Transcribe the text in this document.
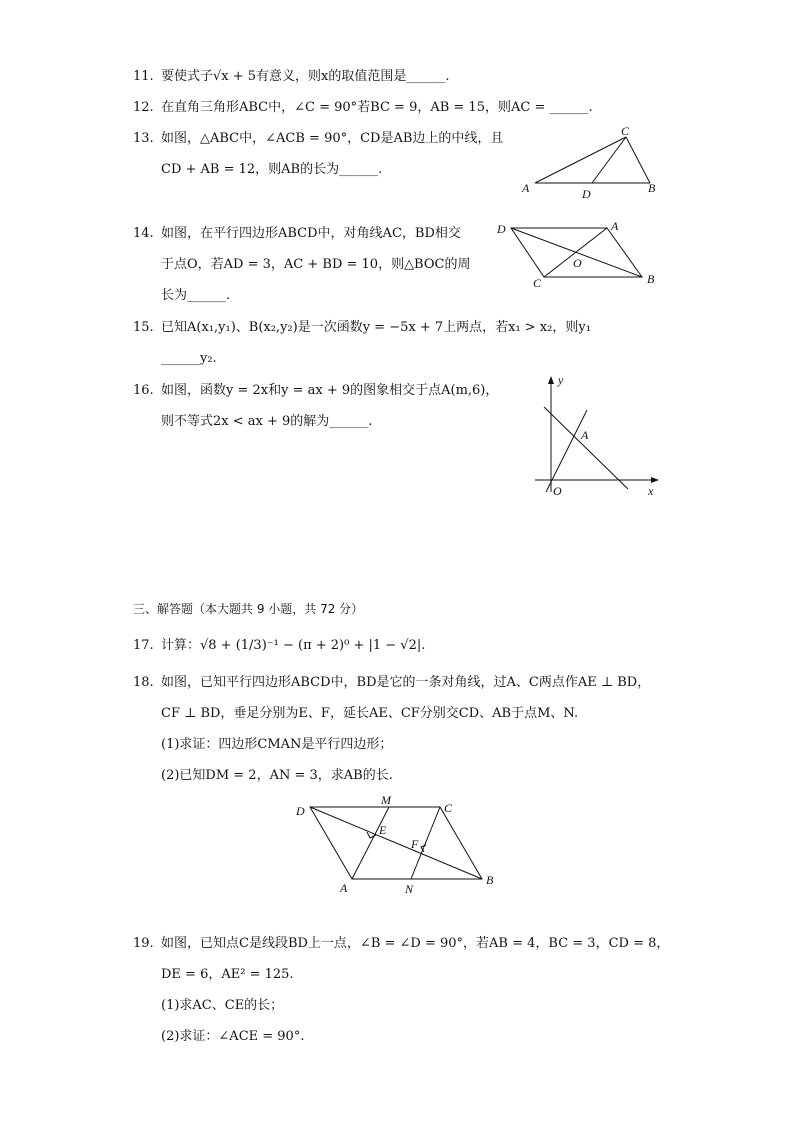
11. 要使式子√x + 5有意义，则x的取值范围是______.
12. 在直角三角形ABC中，∠C = 90°若BC = 9，AB = 15，则AC = ______.
13. 如图，△ABC中，∠ACB = 90°，CD是AB边上的中线，且
CD + AB = 12，则AB的长为______.
A	B
C
D
14. 如图，在平行四边形ABCD中，对角线AC，BD相交
于点O，若AD = 3，AC + BD = 10，则△BOC的周
长为______.
D	A
B
C
O
15. 已知A(x₁,y₁)、B(x₂,y₂)是一次函数y = −5x + 7上两点，若x₁ > x₂，则y₁
______y₂.
16. 如图，函数y = 2x和y = ax + 9的图象相交于点A(m,6)，
则不等式2x < ax + 9的解为______.
y
x
O
A
三、解答题（本大题共 9 小题，共 72 分）
17. 计算：√8 + (1/3)⁻¹ − (π + 2)⁰ + |1 − √2|.
18. 如图，已知平行四边形ABCD中，BD是它的一条对角线，过A、C两点作AE ⊥ BD，
CF ⊥ BD，垂足分别为E、F，延长AE、CF分别交CD、AB于点M、N.
(1)求证：四边形CMAN是平行四边形；
(2)已知DM = 2，AN = 3，求AB的长.
D
M
C
E
F
A	N
B
19. 如图，已知点C是线段BD上一点，∠B = ∠D = 90°，若AB = 4，BC = 3，CD = 8，
DE = 6，AE² = 125.
(1)求AC、CE的长；
(2)求证：∠ACE = 90°.
